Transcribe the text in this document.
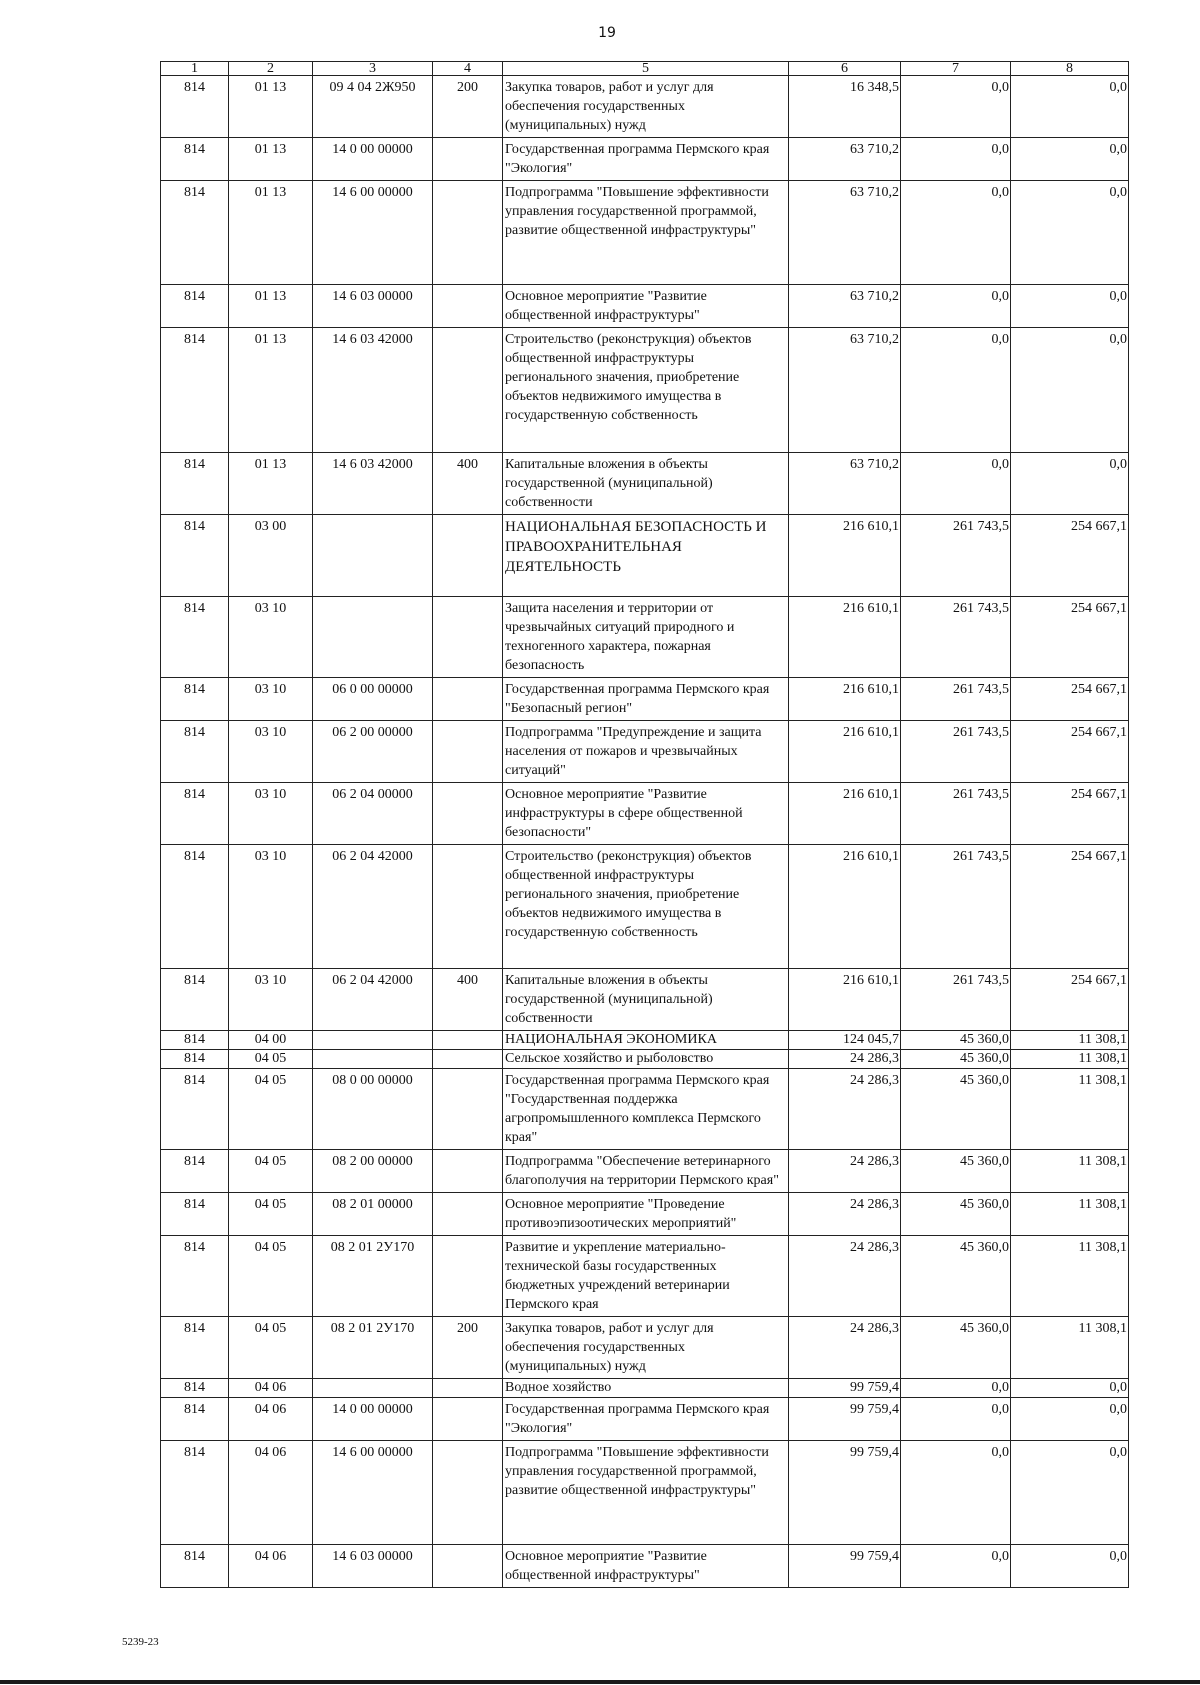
19
1	2	3	4	5	6	7	8
814	01 13	09 4 04 2Ж950	200	Закупка товаров, работ и услуг для обеспечения государственных (муниципальных) нужд	16 348,5	0,0	0,0
814	01 13	14 0 00 00000		Государственная программа Пермского края "Экология"	63 710,2	0,0	0,0
814	01 13	14 6 00 00000		Подпрограмма "Повышение эффективности управления государственной программой, развитие общественной инфраструктуры"	63 710,2	0,0	0,0
814	01 13	14 6 03 00000		Основное мероприятие "Развитие общественной инфраструктуры"	63 710,2	0,0	0,0
814	01 13	14 6 03 42000		Строительство (реконструкция) объектов общественной инфраструктуры регионального значения, приобретение объектов недвижимого имущества в государственную собственность	63 710,2	0,0	0,0
814	01 13	14 6 03 42000	400	Капитальные вложения в объекты государственной (муниципальной) собственности	63 710,2	0,0	0,0
814	03 00			НАЦИОНАЛЬНАЯ БЕЗОПАСНОСТЬ И ПРАВООХРАНИТЕЛЬНАЯ ДЕЯТЕЛЬНОСТЬ	216 610,1	261 743,5	254 667,1
814	03 10			Защита населения и территории от чрезвычайных ситуаций природного и техногенного характера, пожарная безопасность	216 610,1	261 743,5	254 667,1
814	03 10	06 0 00 00000		Государственная программа Пермского края "Безопасный регион"	216 610,1	261 743,5	254 667,1
814	03 10	06 2 00 00000		Подпрограмма "Предупреждение и защита населения от пожаров и чрезвычайных ситуаций"	216 610,1	261 743,5	254 667,1
814	03 10	06 2 04 00000		Основное мероприятие "Развитие инфраструктуры в сфере общественной безопасности"	216 610,1	261 743,5	254 667,1
814	03 10	06 2 04 42000		Строительство (реконструкция) объектов общественной инфраструктуры регионального значения, приобретение объектов недвижимого имущества в государственную собственность	216 610,1	261 743,5	254 667,1
814	03 10	06 2 04 42000	400	Капитальные вложения в объекты государственной (муниципальной) собственности	216 610,1	261 743,5	254 667,1
814	04 00			НАЦИОНАЛЬНАЯ ЭКОНОМИКА	124 045,7	45 360,0	11 308,1
814	04 05			Сельское хозяйство и рыболовство	24 286,3	45 360,0	11 308,1
814	04 05	08 0 00 00000		Государственная программа Пермского края "Государственная поддержка агропромышленного комплекса Пермского края"	24 286,3	45 360,0	11 308,1
814	04 05	08 2 00 00000		Подпрограмма "Обеспечение ветеринарного благополучия на территории Пермского края"	24 286,3	45 360,0	11 308,1
814	04 05	08 2 01 00000		Основное мероприятие "Проведение противоэпизоотических мероприятий"	24 286,3	45 360,0	11 308,1
814	04 05	08 2 01 2У170		Развитие и укрепление материально-технической базы государственных бюджетных учреждений ветеринарии Пермского края	24 286,3	45 360,0	11 308,1
814	04 05	08 2 01 2У170	200	Закупка товаров, работ и услуг для обеспечения государственных (муниципальных) нужд	24 286,3	45 360,0	11 308,1
814	04 06			Водное хозяйство	99 759,4	0,0	0,0
814	04 06	14 0 00 00000		Государственная программа Пермского края "Экология"	99 759,4	0,0	0,0
814	04 06	14 6 00 00000		Подпрограмма "Повышение эффективности управления государственной программой, развитие общественной инфраструктуры"	99 759,4	0,0	0,0
814	04 06	14 6 03 00000		Основное мероприятие "Развитие общественной инфраструктуры"	99 759,4	0,0	0,0
5239-23
